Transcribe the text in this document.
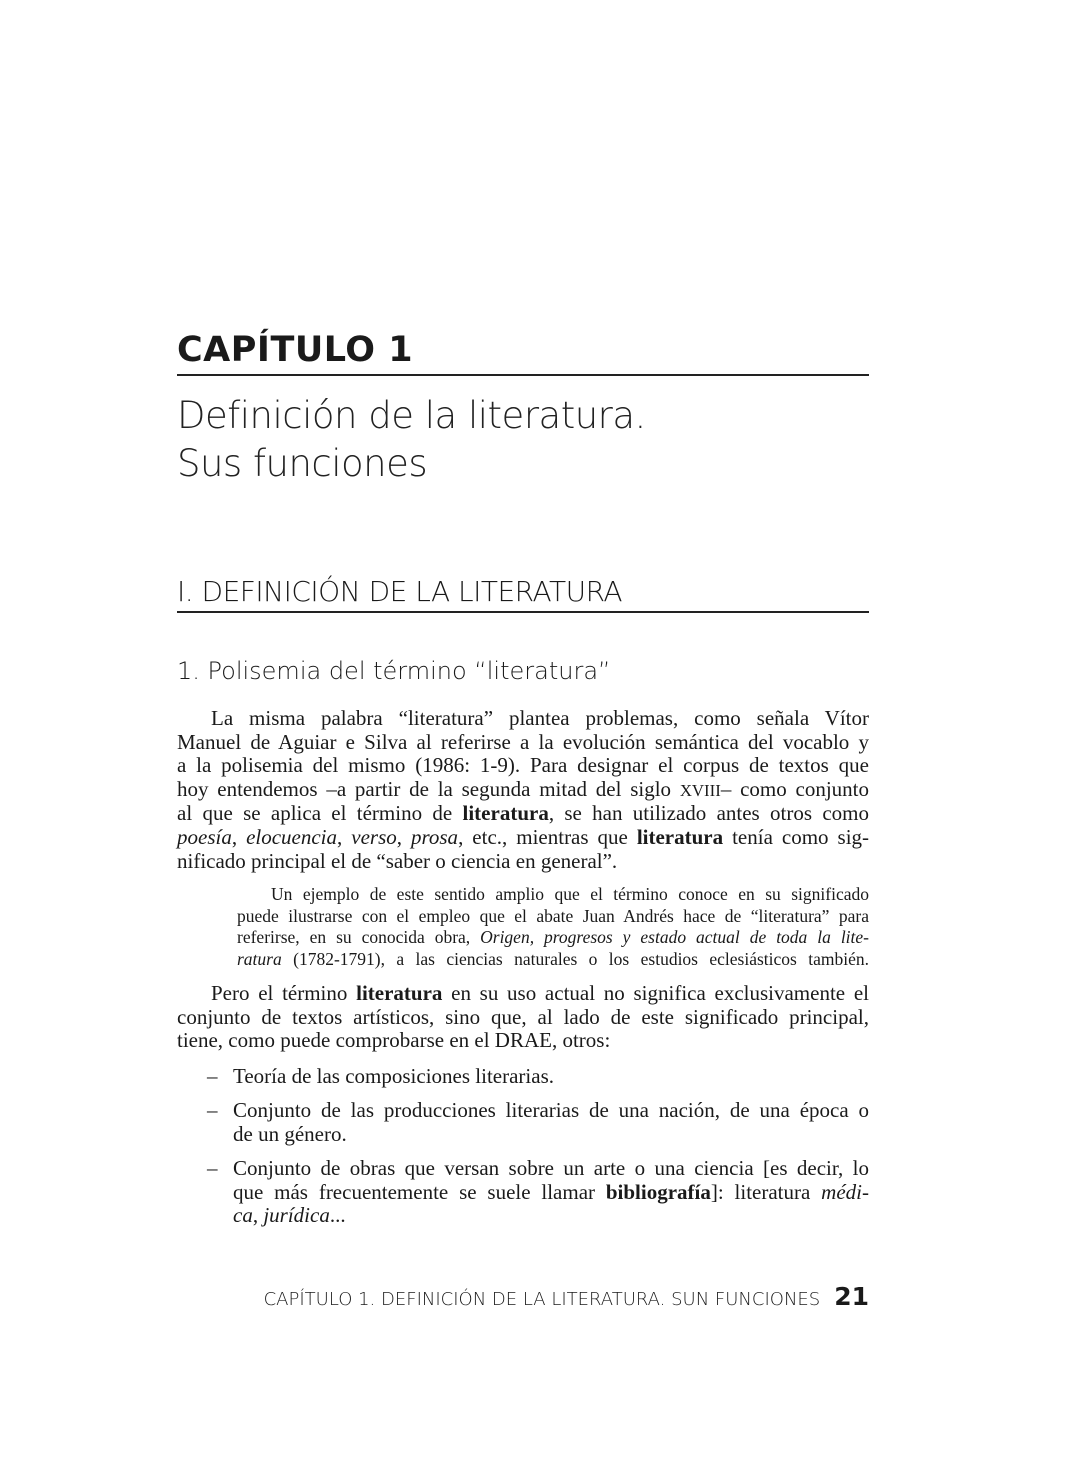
CAPÍTULO 1
Definición de la literatura.
Sus funciones
I. DEFINICIÓN DE LA LITERATURA
1. Polisemia del término “literatura”
La misma palabra “literatura” plantea problemas, como señala Vítor
Manuel de Aguiar e Silva al referirse a la evolución semántica del vocablo y
a la polisemia del mismo (1986: 1-9). Para designar el corpus de textos que
hoy entendemos –a partir de la segunda mitad del siglo XVIII– como conjunto
al que se aplica el término de literatura, se han utilizado antes otros como
poesía, elocuencia, verso, prosa, etc., mientras que literatura tenía como sig-
nificado principal el de “saber o ciencia en general”.
Un ejemplo de este sentido amplio que el término conoce en su significado
puede ilustrarse con el empleo que el abate Juan Andrés hace de “literatura” para
referirse, en su conocida obra, Origen, progresos y estado actual de toda la lite-
ratura (1782-1791), a las ciencias naturales o los estudios eclesiásticos también.
Pero el término literatura en su uso actual no significa exclusivamente el
conjunto de textos artísticos, sino que, al lado de este significado principal,
tiene, como puede comprobarse en el DRAE, otros:
– Teoría de las composiciones literarias.
– Conjunto de las producciones literarias de una nación, de una época o
de un género.
– Conjunto de obras que versan sobre un arte o una ciencia [es decir, lo
que más frecuentemente se suele llamar bibliografía]: literatura médi-
ca, jurídica...
CAPÍTULO 1. DEFINICIÓN DE LA LITERATURA. SUN FUNCIONES 21
